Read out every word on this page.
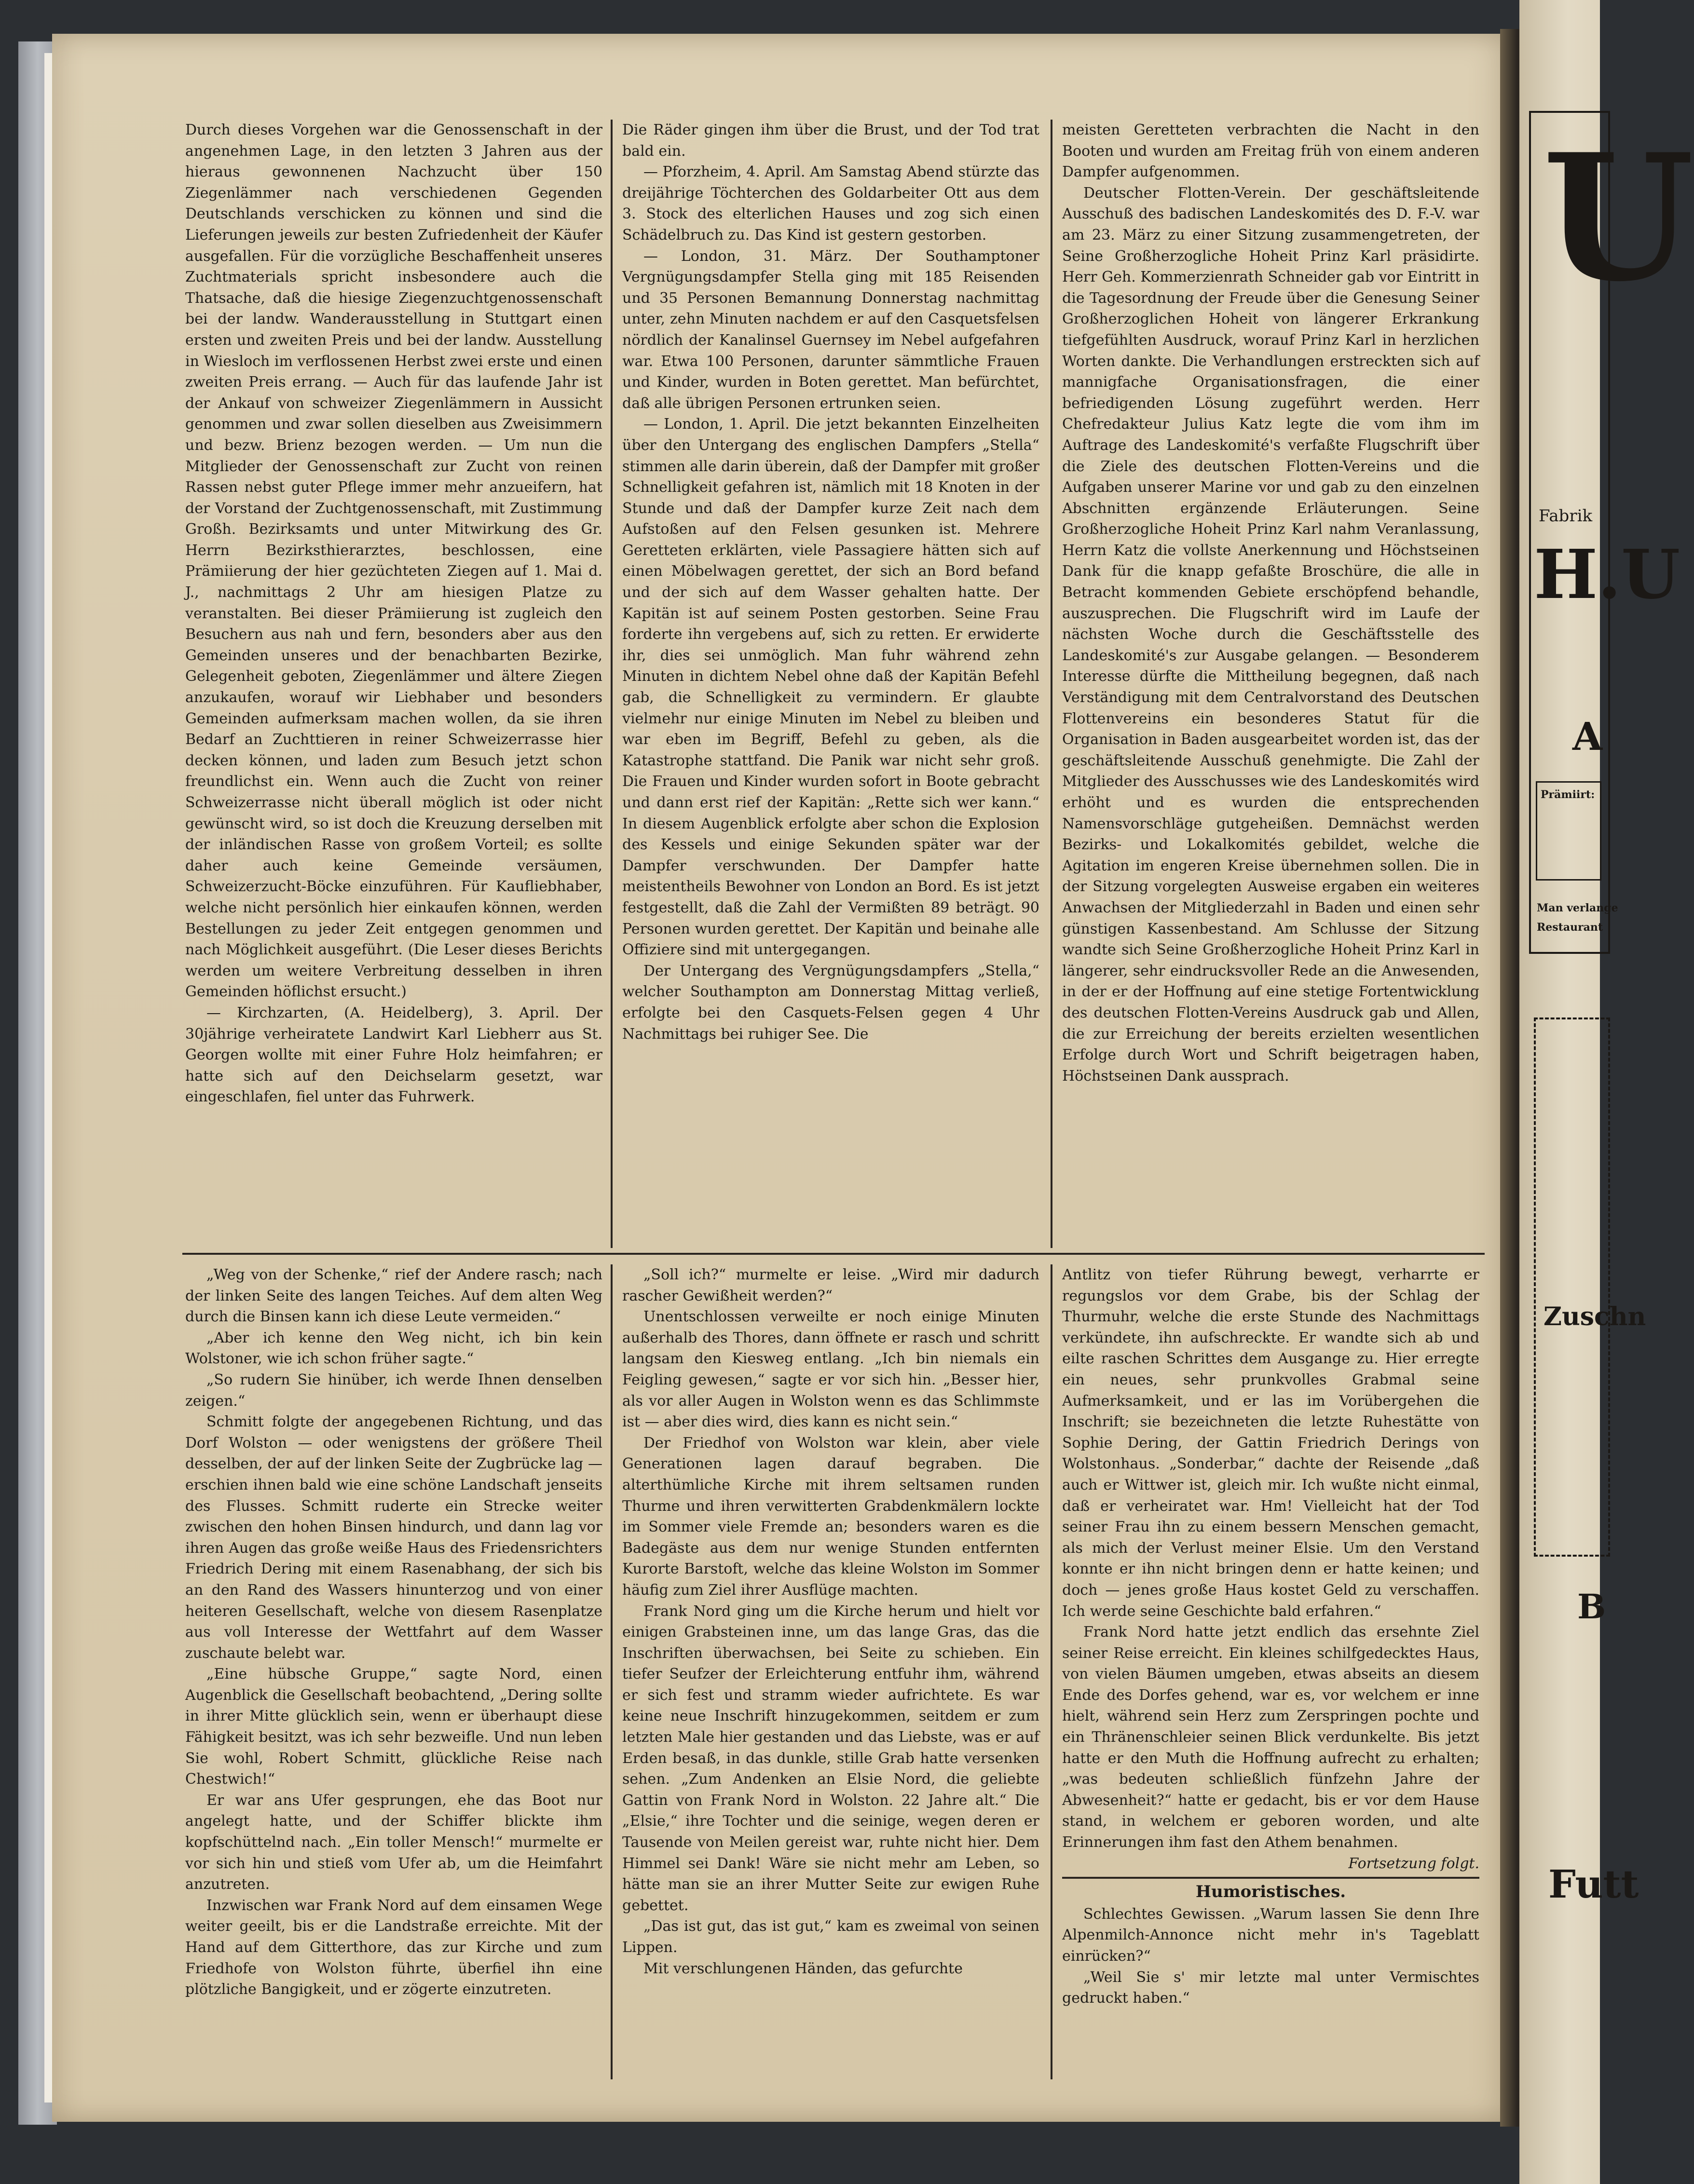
Durch dieses Vorgehen war die Genossenschaft in der angenehmen Lage, in den letzten 3 Jahren aus der hieraus gewonnenen Nachzucht über 150 Ziegenlämmer nach verschiedenen Gegenden Deutschlands verschicken zu können und sind die Lieferungen jeweils zur besten Zufriedenheit der Käufer ausgefallen. Für die vorzügliche Beschaffenheit unseres Zuchtmaterials spricht insbesondere auch die Thatsache, daß die hiesige Ziegenzuchtgenossenschaft bei der landw. Wanderausstellung in Stuttgart einen ersten und zweiten Preis und bei der landw. Ausstellung in Wiesloch im verflossenen Herbst zwei erste und einen zweiten Preis errang. — Auch für das laufende Jahr ist der Ankauf von schweizer Ziegenlämmern in Aussicht genommen und zwar sollen dieselben aus Zweisimmern und bezw. Brienz bezogen werden. — Um nun die Mitglieder der Genossenschaft zur Zucht von reinen Rassen nebst guter Pflege immer mehr anzueifern, hat der Vorstand der Zuchtgenossenschaft, mit Zustimmung Großh. Bezirksamts und unter Mitwirkung des Gr. Herrn Bezirksthierarztes, beschlossen, eine Prämiierung der hier gezüchteten Ziegen auf 1. Mai d. J., nachmittags 2 Uhr am hiesigen Platze zu veranstalten. Bei dieser Prämiierung ist zugleich den Besuchern aus nah und fern, besonders aber aus den Gemeinden unseres und der benachbarten Bezirke, Gelegenheit geboten, Ziegenlämmer und ältere Ziegen anzukaufen, worauf wir Liebhaber und besonders Gemeinden aufmerksam machen wollen, da sie ihren Bedarf an Zuchttieren in reiner Schweizerrasse hier decken können, und laden zum Besuch jetzt schon freundlichst ein. Wenn auch die Zucht von reiner Schweizerrasse nicht überall möglich ist oder nicht gewünscht wird, so ist doch die Kreuzung derselben mit der inländischen Rasse von großem Vorteil; es sollte daher auch keine Gemeinde versäumen, Schweizerzucht-Böcke einzuführen. Für Kaufliebhaber, welche nicht persönlich hier einkaufen können, werden Bestellungen zu jeder Zeit entgegen genommen und nach Möglichkeit ausgeführt. (Die Leser dieses Berichts werden um weitere Verbreitung desselben in ihren Gemeinden höflichst ersucht.)

— Kirchzarten, (A. Heidelberg), 3. April. Der 30jährige verheiratete Landwirt Karl Liebherr aus St. Georgen wollte mit einer Fuhre Holz heimfahren; er hatte sich auf den Deichselarm gesetzt, war eingeschlafen, fiel unter das Fuhrwerk.

Die Räder gingen ihm über die Brust, und der Tod trat bald ein.

— Pforzheim, 4. April. Am Samstag Abend stürzte das dreijährige Töchterchen des Goldarbeiter Ott aus dem 3. Stock des elterlichen Hauses und zog sich einen Schädelbruch zu. Das Kind ist gestern gestorben.

— London, 31. März. Der Southamptoner Vergnügungsdampfer Stella ging mit 185 Reisenden und 35 Personen Bemannung Donnerstag nachmittag unter, zehn Minuten nachdem er auf den Casquetsfelsen nördlich der Kanalinsel Guernsey im Nebel aufgefahren war. Etwa 100 Personen, darunter sämmtliche Frauen und Kinder, wurden in Boten gerettet. Man befürchtet, daß alle übrigen Personen ertrunken seien.

— London, 1. April. Die jetzt bekannten Einzelheiten über den Untergang des englischen Dampfers „Stella“ stimmen alle darin überein, daß der Dampfer mit großer Schnelligkeit gefahren ist, nämlich mit 18 Knoten in der Stunde und daß der Dampfer kurze Zeit nach dem Aufstoßen auf den Felsen gesunken ist. Mehrere Geretteten erklärten, viele Passagiere hätten sich auf einen Möbelwagen gerettet, der sich an Bord befand und der sich auf dem Wasser gehalten hatte. Der Kapitän ist auf seinem Posten gestorben. Seine Frau forderte ihn vergebens auf, sich zu retten. Er erwiderte ihr, dies sei unmöglich. Man fuhr während zehn Minuten in dichtem Nebel ohne daß der Kapitän Befehl gab, die Schnelligkeit zu vermindern. Er glaubte vielmehr nur einige Minuten im Nebel zu bleiben und war eben im Begriff, Befehl zu geben, als die Katastrophe stattfand. Die Panik war nicht sehr groß. Die Frauen und Kinder wurden sofort in Boote gebracht und dann erst rief der Kapitän: „Rette sich wer kann.“ In diesem Augenblick erfolgte aber schon die Explosion des Kessels und einige Sekunden später war der Dampfer verschwunden. Der Dampfer hatte meistentheils Bewohner von London an Bord. Es ist jetzt festgestellt, daß die Zahl der Vermißten 89 beträgt. 90 Personen wurden gerettet. Der Kapitän und beinahe alle Offiziere sind mit untergegangen.

Der Untergang des Vergnügungsdampfers „Stella,“ welcher Southampton am Donnerstag Mittag verließ, erfolgte bei den Casquets-Felsen gegen 4 Uhr Nachmittags bei ruhiger See. Die

meisten Geretteten verbrachten die Nacht in den Booten und wurden am Freitag früh von einem anderen Dampfer aufgenommen.

Deutscher Flotten-Verein. Der geschäftsleitende Ausschuß des badischen Landeskomités des D. F.-V. war am 23. März zu einer Sitzung zusammengetreten, der Seine Großherzogliche Hoheit Prinz Karl präsidirte. Herr Geh. Kommerzienrath Schneider gab vor Eintritt in die Tagesordnung der Freude über die Genesung Seiner Großherzoglichen Hoheit von längerer Erkrankung tiefgefühlten Ausdruck, worauf Prinz Karl in herzlichen Worten dankte. Die Verhandlungen erstreckten sich auf mannigfache Organisationsfragen, die einer befriedigenden Lösung zugeführt werden. Herr Chefredakteur Julius Katz legte die vom ihm im Auftrage des Landeskomité's verfaßte Flugschrift über die Ziele des deutschen Flotten-Vereins und die Aufgaben unserer Marine vor und gab zu den einzelnen Abschnitten ergänzende Erläuterungen. Seine Großherzogliche Hoheit Prinz Karl nahm Veranlassung, Herrn Katz die vollste Anerkennung und Höchstseinen Dank für die knapp gefaßte Broschüre, die alle in Betracht kommenden Gebiete erschöpfend behandle, auszusprechen. Die Flugschrift wird im Laufe der nächsten Woche durch die Geschäftsstelle des Landeskomité's zur Ausgabe gelangen. — Besonderem Interesse dürfte die Mittheilung begegnen, daß nach Verständigung mit dem Centralvorstand des Deutschen Flottenvereins ein besonderes Statut für die Organisation in Baden ausgearbeitet worden ist, das der geschäftsleitende Ausschuß genehmigte. Die Zahl der Mitglieder des Ausschusses wie des Landeskomités wird erhöht und es wurden die entsprechenden Namensvorschläge gutgeheißen. Demnächst werden Bezirks- und Lokalkomités gebildet, welche die Agitation im engeren Kreise übernehmen sollen. Die in der Sitzung vorgelegten Ausweise ergaben ein weiteres Anwachsen der Mitgliederzahl in Baden und einen sehr günstigen Kassenbestand. Am Schlusse der Sitzung wandte sich Seine Großherzogliche Hoheit Prinz Karl in längerer, sehr eindrucksvoller Rede an die Anwesenden, in der er der Hoffnung auf eine stetige Fortentwicklung des deutschen Flotten-Vereins Ausdruck gab und Allen, die zur Erreichung der bereits erzielten wesentlichen Erfolge durch Wort und Schrift beigetragen haben, Höchstseinen Dank aussprach.

„Weg von der Schenke,“ rief der Andere rasch; nach der linken Seite des langen Teiches. Auf dem alten Weg durch die Binsen kann ich diese Leute vermeiden.“

„Aber ich kenne den Weg nicht, ich bin kein Wolstoner, wie ich schon früher sagte.“

„So rudern Sie hinüber, ich werde Ihnen denselben zeigen.“

Schmitt folgte der angegebenen Richtung, und das Dorf Wolston — oder wenigstens der größere Theil desselben, der auf der linken Seite der Zugbrücke lag — erschien ihnen bald wie eine schöne Landschaft jenseits des Flusses. Schmitt ruderte ein Strecke weiter zwischen den hohen Binsen hindurch, und dann lag vor ihren Augen das große weiße Haus des Friedensrichters Friedrich Dering mit einem Rasenabhang, der sich bis an den Rand des Wassers hinunterzog und von einer heiteren Gesellschaft, welche von diesem Rasenplatze aus voll Interesse der Wettfahrt auf dem Wasser zuschaute belebt war.

„Eine hübsche Gruppe,“ sagte Nord, einen Augenblick die Gesellschaft beobachtend, „Dering sollte in ihrer Mitte glücklich sein, wenn er überhaupt diese Fähigkeit besitzt, was ich sehr bezweifle. Und nun leben Sie wohl, Robert Schmitt, glückliche Reise nach Chestwich!“

Er war ans Ufer gesprungen, ehe das Boot nur angelegt hatte, und der Schiffer blickte ihm kopfschüttelnd nach. „Ein toller Mensch!“ murmelte er vor sich hin und stieß vom Ufer ab, um die Heimfahrt anzutreten.

Inzwischen war Frank Nord auf dem einsamen Wege weiter geeilt, bis er die Landstraße erreichte. Mit der Hand auf dem Gitterthore, das zur Kirche und zum Friedhofe von Wolston führte, überfiel ihn eine plötzliche Bangigkeit, und er zögerte einzutreten.

„Soll ich?“ murmelte er leise. „Wird mir dadurch rascher Gewißheit werden?“

Unentschlossen verweilte er noch einige Minuten außerhalb des Thores, dann öffnete er rasch und schritt langsam den Kiesweg entlang. „Ich bin niemals ein Feigling gewesen,“ sagte er vor sich hin. „Besser hier, als vor aller Augen in Wolston wenn es das Schlimmste ist — aber dies wird, dies kann es nicht sein.“

Der Friedhof von Wolston war klein, aber viele Generationen lagen darauf begraben. Die alterthümliche Kirche mit ihrem seltsamen runden Thurme und ihren verwitterten Grabdenkmälern lockte im Sommer viele Fremde an; besonders waren es die Badegäste aus dem nur wenige Stunden entfernten Kurorte Barstoft, welche das kleine Wolston im Sommer häufig zum Ziel ihrer Ausflüge machten.

Frank Nord ging um die Kirche herum und hielt vor einigen Grabsteinen inne, um das lange Gras, das die Inschriften überwachsen, bei Seite zu schieben. Ein tiefer Seufzer der Erleichterung entfuhr ihm, während er sich fest und stramm wieder aufrichtete. Es war keine neue Inschrift hinzugekommen, seitdem er zum letzten Male hier gestanden und das Liebste, was er auf Erden besaß, in das dunkle, stille Grab hatte versenken sehen. „Zum Andenken an Elsie Nord, die geliebte Gattin von Frank Nord in Wolston. 22 Jahre alt.“ Die „Elsie,“ ihre Tochter und die seinige, wegen deren er Tausende von Meilen gereist war, ruhte nicht hier. Dem Himmel sei Dank! Wäre sie nicht mehr am Leben, so hätte man sie an ihrer Mutter Seite zur ewigen Ruhe gebettet.

„Das ist gut, das ist gut,“ kam es zweimal von seinen Lippen.

Mit verschlungenen Händen, das gefurchte

Antlitz von tiefer Rührung bewegt, verharrte er regungslos vor dem Grabe, bis der Schlag der Thurmuhr, welche die erste Stunde des Nachmittags verkündete, ihn aufschreckte. Er wandte sich ab und eilte raschen Schrittes dem Ausgange zu. Hier erregte ein neues, sehr prunkvolles Grabmal seine Aufmerksamkeit, und er las im Vorübergehen die Inschrift; sie bezeichneten die letzte Ruhestätte von Sophie Dering, der Gattin Friedrich Derings von Wolstonhaus. „Sonderbar,“ dachte der Reisende „daß auch er Wittwer ist, gleich mir. Ich wußte nicht einmal, daß er verheiratet war. Hm! Vielleicht hat der Tod seiner Frau ihn zu einem bessern Menschen gemacht, als mich der Verlust meiner Elsie. Um den Verstand konnte er ihn nicht bringen denn er hatte keinen; und doch — jenes große Haus kostet Geld zu verschaffen. Ich werde seine Geschichte bald erfahren.“

Frank Nord hatte jetzt endlich das ersehnte Ziel seiner Reise erreicht. Ein kleines schilfgedecktes Haus, von vielen Bäumen umgeben, etwas abseits an diesem Ende des Dorfes gehend, war es, vor welchem er inne hielt, während sein Herz zum Zerspringen pochte und ein Thränenschleier seinen Blick verdunkelte. Bis jetzt hatte er den Muth die Hoffnung aufrecht zu erhalten; „was bedeuten schließlich fünfzehn Jahre der Abwesenheit?“ hatte er gedacht, bis er vor dem Hause stand, in welchem er geboren worden, und alte Erinnerungen ihm fast den Athem benahmen.

Fortsetzung folgt.

Humoristisches.

Schlechtes Gewissen. „Warum lassen Sie denn Ihre Alpenmilch-Annonce nicht mehr in's Tageblatt einrücken?“

„Weil Sie s' mir letzte mal unter Vermischtes gedruckt haben.“

U
Fabrik
H.U
A
Prämiirt:
Man verlange
Restaurant
Zuschn
B
Futt
